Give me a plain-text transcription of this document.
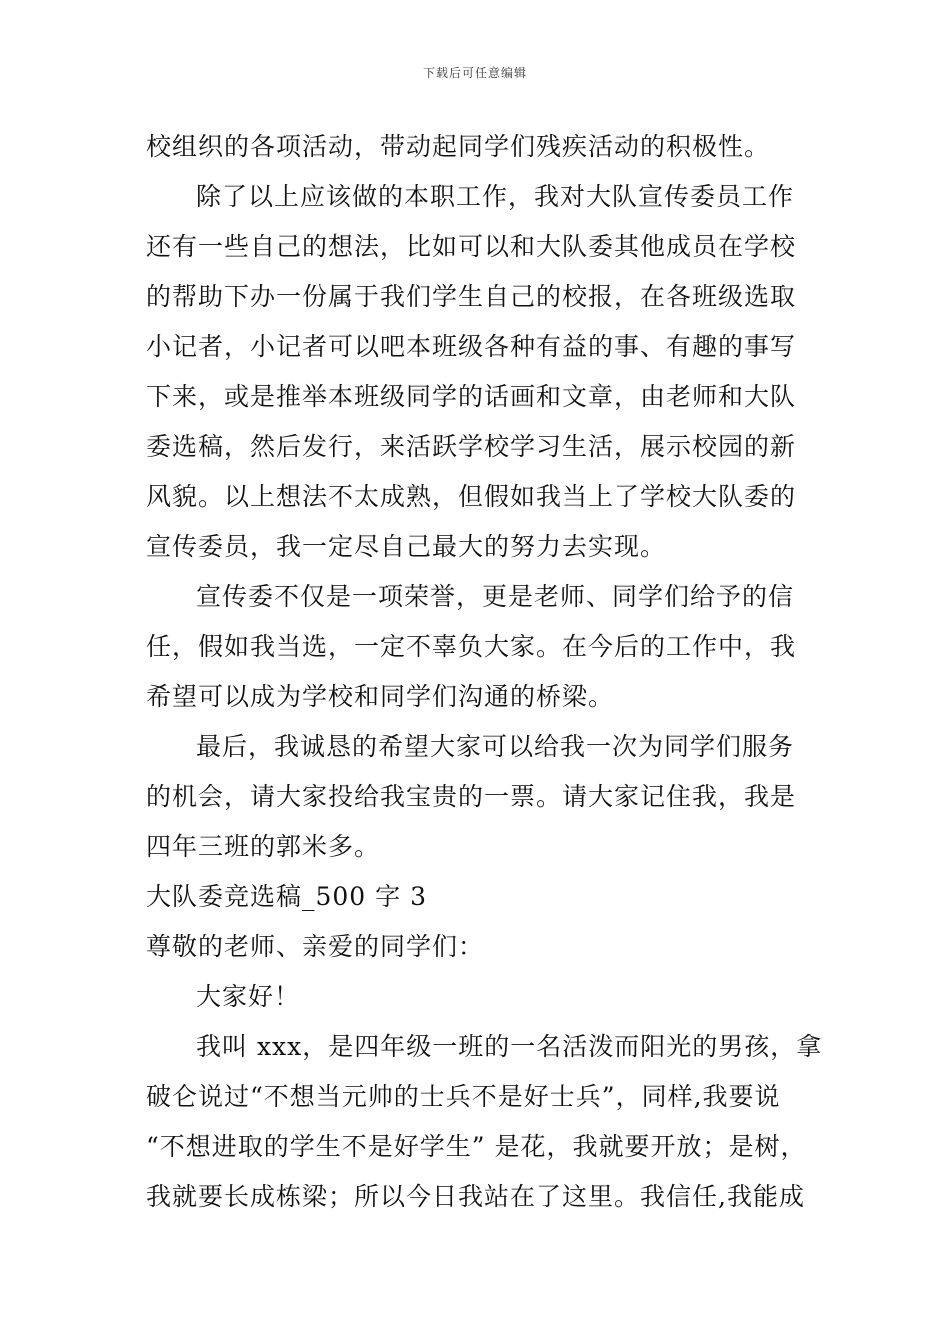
下载后可任意编辑
校组织的各项活动，带动起同学们残疾活动的积极性。
除了以上应该做的本职工作，我对大队宣传委员工作
还有一些自己的想法，比如可以和大队委其他成员在学校
的帮助下办一份属于我们学生自己的校报，在各班级选取
小记者，小记者可以吧本班级各种有益的事、有趣的事写
下来，或是推举本班级同学的话画和文章，由老师和大队
委选稿，然后发行，来活跃学校学习生活，展示校园的新
风貌。以上想法不太成熟，但假如我当上了学校大队委的
宣传委员，我一定尽自己最大的努力去实现。
宣传委不仅是一项荣誉，更是老师、同学们给予的信
任，假如我当选，一定不辜负大家。在今后的工作中，我
希望可以成为学校和同学们沟通的桥梁。
最后，我诚恳的希望大家可以给我一次为同学们服务
的机会，请大家投给我宝贵的一票。请大家记住我，我是
四年三班的郭米多。
大队委竞选稿_500 字 3
尊敬的老师、亲爱的同学们：
大家好！
我叫 xxx，是四年级一班的一名活泼而阳光的男孩，拿
破仑说过“不想当元帅的士兵不是好士兵”，同样,我要说
“不想进取的学生不是好学生” 是花，我就要开放；是树，
我就要长成栋梁；所以今日我站在了这里。我信任,我能成
